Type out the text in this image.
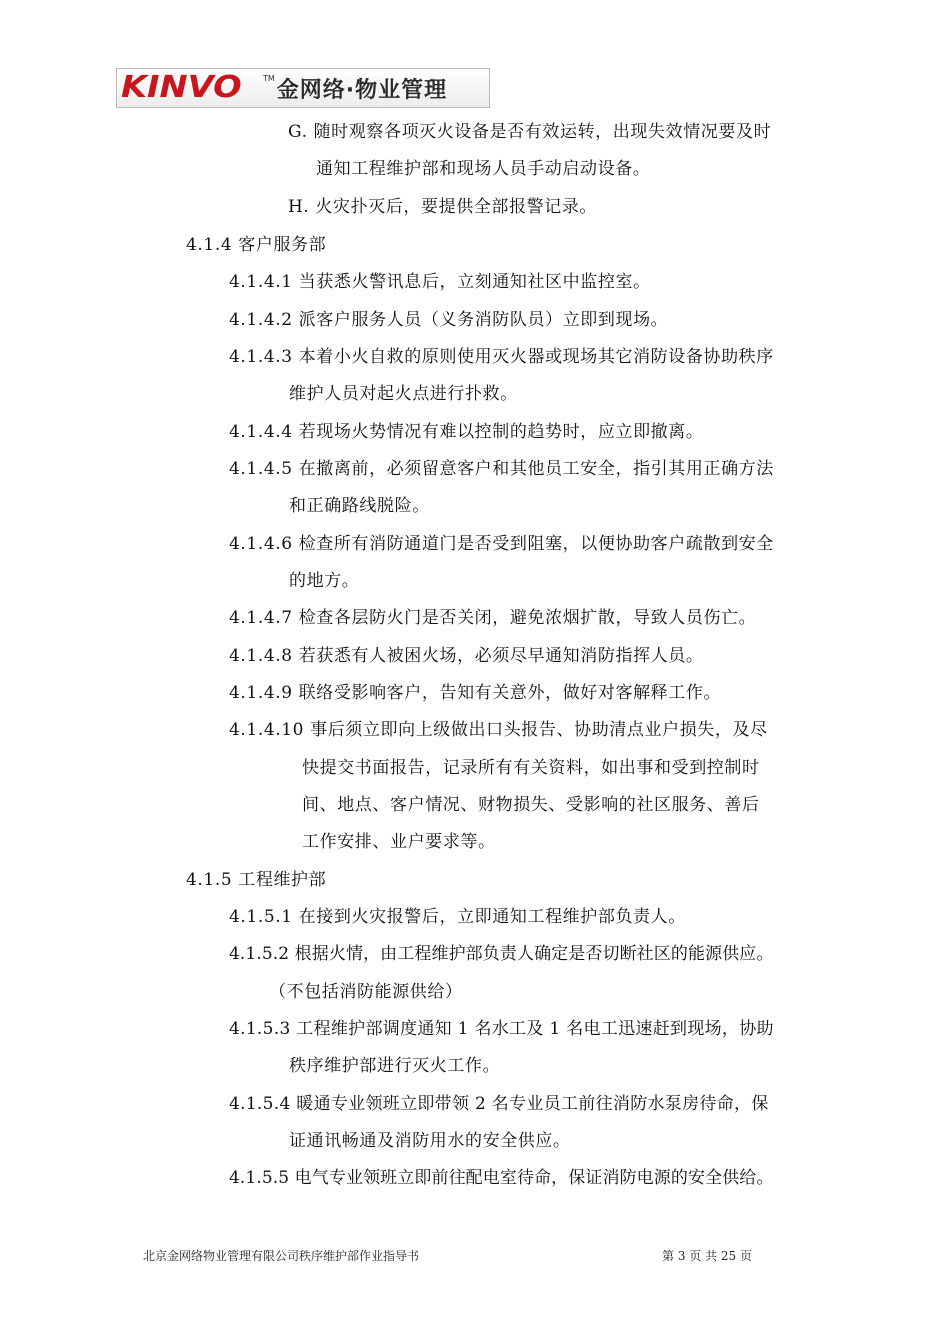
KINVO	TM 金网络·物业管理
G. 随时观察各项灭火设备是否有效运转，出现失效情况要及时
通知工程维护部和现场人员手动启动设备。
H. 火灾扑灭后，要提供全部报警记录。
4.1.4 客户服务部
4.1.4.1 当获悉火警讯息后，立刻通知社区中监控室。
4.1.4.2 派客户服务人员（义务消防队员）立即到现场。
4.1.4.3 本着小火自救的原则使用灭火器或现场其它消防设备协助秩序
维护人员对起火点进行扑救。
4.1.4.4 若现场火势情况有难以控制的趋势时，应立即撤离。
4.1.4.5 在撤离前，必须留意客户和其他员工安全，指引其用正确方法
和正确路线脱险。
4.1.4.6 检查所有消防通道门是否受到阻塞，以便协助客户疏散到安全
的地方。
4.1.4.7 检查各层防火门是否关闭，避免浓烟扩散，导致人员伤亡。
4.1.4.8 若获悉有人被困火场，必须尽早通知消防指挥人员。
4.1.4.9 联络受影响客户，告知有关意外，做好对客解释工作。
4.1.4.10 事后须立即向上级做出口头报告、协助清点业户损失，及尽
快提交书面报告，记录所有有关资料，如出事和受到控制时
间、地点、客户情况、财物损失、受影响的社区服务、善后
工作安排、业户要求等。
4.1.5 工程维护部
4.1.5.1 在接到火灾报警后，立即通知工程维护部负责人。
4.1.5.2 根据火情，由工程维护部负责人确定是否切断社区的能源供应。
（不包括消防能源供给）
4.1.5.3 工程维护部调度通知 1 名水工及 1 名电工迅速赶到现场，协助
秩序维护部进行灭火工作。
4.1.5.4 暖通专业领班立即带领 2 名专业员工前往消防水泵房待命，保
证通讯畅通及消防用水的安全供应。
4.1.5.5 电气专业领班立即前往配电室待命，保证消防电源的安全供给。
北京金网络物业管理有限公司秩序维护部作业指导书	第 3 页 共 25 页
